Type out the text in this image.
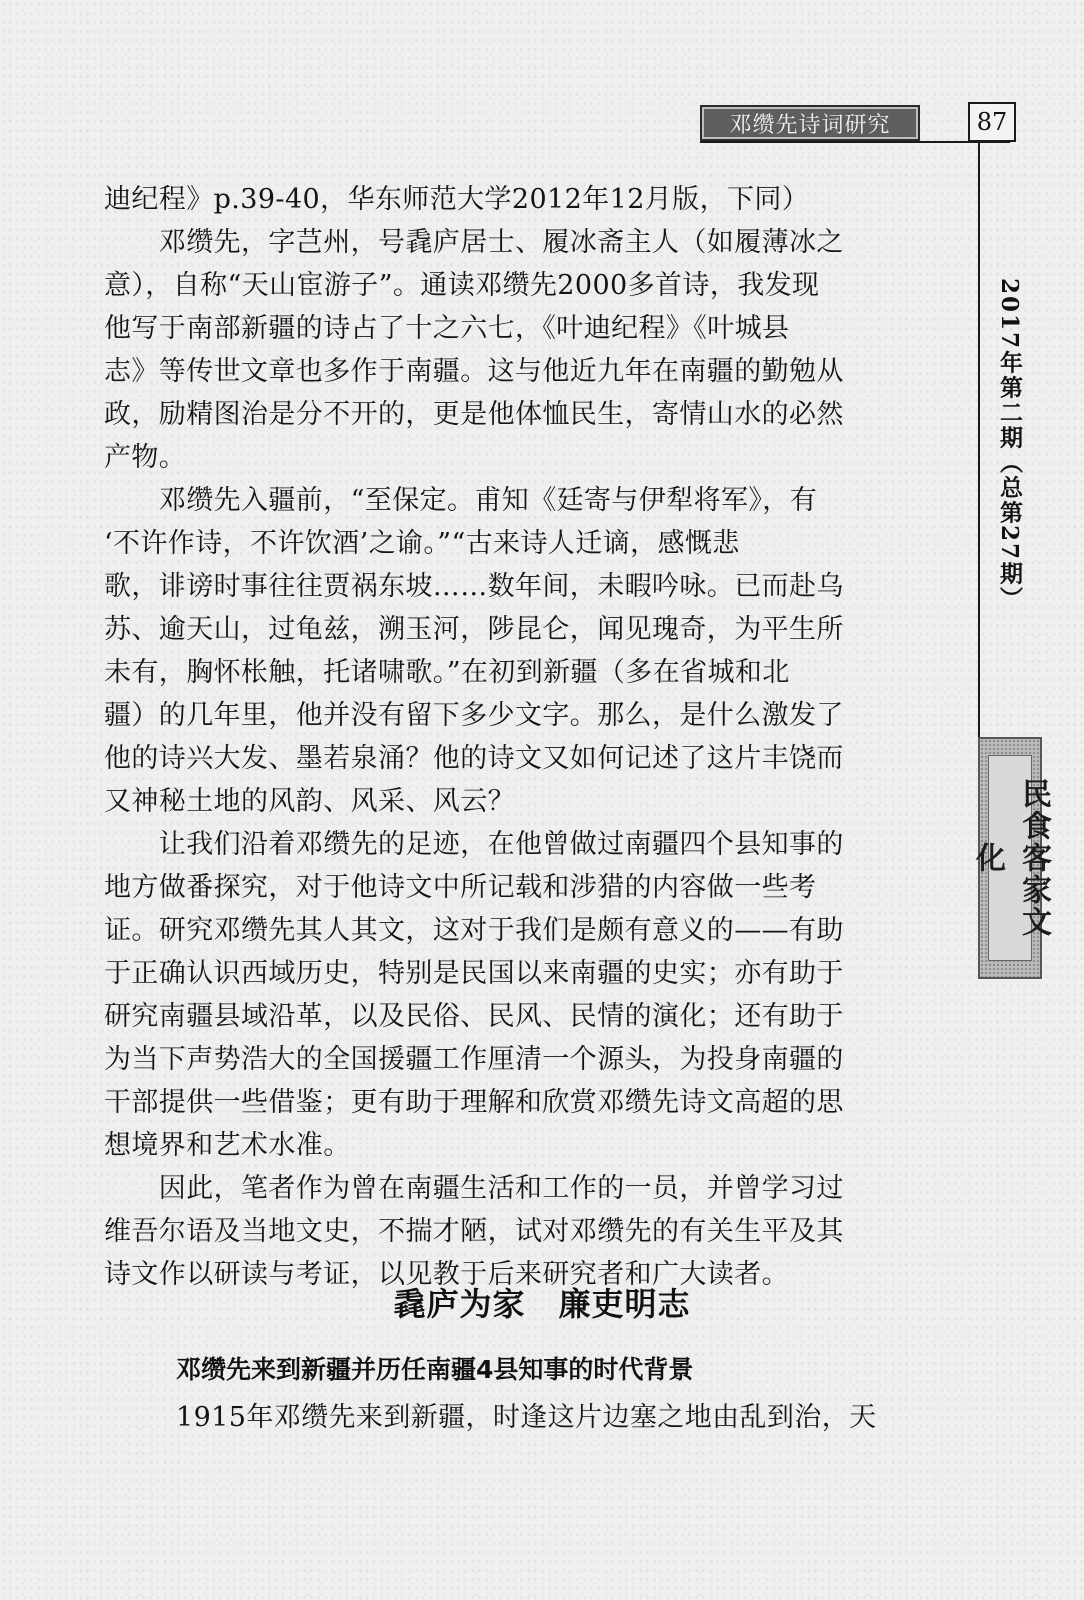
邓缵先诗词研究	87
2017年第二期（总第27期）
民食客家文化
迪纪程》p.39-40，华东师范大学2012年12月版，下同）
　　邓缵先，字芑州，号毳庐居士、履冰斋主人（如履薄冰之
意），自称“天山宦游子”。通读邓缵先2000多首诗，我发现
他写于南部新疆的诗占了十之六七，《叶迪纪程》《叶城县
志》等传世文章也多作于南疆。这与他近九年在南疆的勤勉从
政，励精图治是分不开的，更是他体恤民生，寄情山水的必然
产物。
　　邓缵先入疆前，“至保定。甫知《廷寄与伊犁将军》，有
‘不许作诗，不许饮酒’之谕。”“古来诗人迁谪，感慨悲
歌，诽谤时事往往贾祸东坡……数年间，未暇吟咏。已而赴乌
苏、逾天山，过龟兹，溯玉河，陟昆仑，闻见瑰奇，为平生所
未有，胸怀枨触，托诸啸歌。”在初到新疆（多在省城和北
疆）的几年里，他并没有留下多少文字。那么，是什么激发了
他的诗兴大发、墨若泉涌？他的诗文又如何记述了这片丰饶而
又神秘土地的风韵、风采、风云？
　　让我们沿着邓缵先的足迹，在他曾做过南疆四个县知事的
地方做番探究，对于他诗文中所记载和涉猎的内容做一些考
证。研究邓缵先其人其文，这对于我们是颇有意义的——有助
于正确认识西域历史，特别是民国以来南疆的史实；亦有助于
研究南疆县域沿革，以及民俗、民风、民情的演化；还有助于
为当下声势浩大的全国援疆工作厘清一个源头，为投身南疆的
干部提供一些借鉴；更有助于理解和欣赏邓缵先诗文高超的思
想境界和艺术水准。
　　因此，笔者作为曾在南疆生活和工作的一员，并曾学习过
维吾尔语及当地文史，不揣才陋，试对邓缵先的有关生平及其
诗文作以研读与考证，以见教于后来研究者和广大读者。
毳庐为家　廉吏明志
邓缵先来到新疆并历任南疆4县知事的时代背景
1915年邓缵先来到新疆，时逢这片边塞之地由乱到治，天
